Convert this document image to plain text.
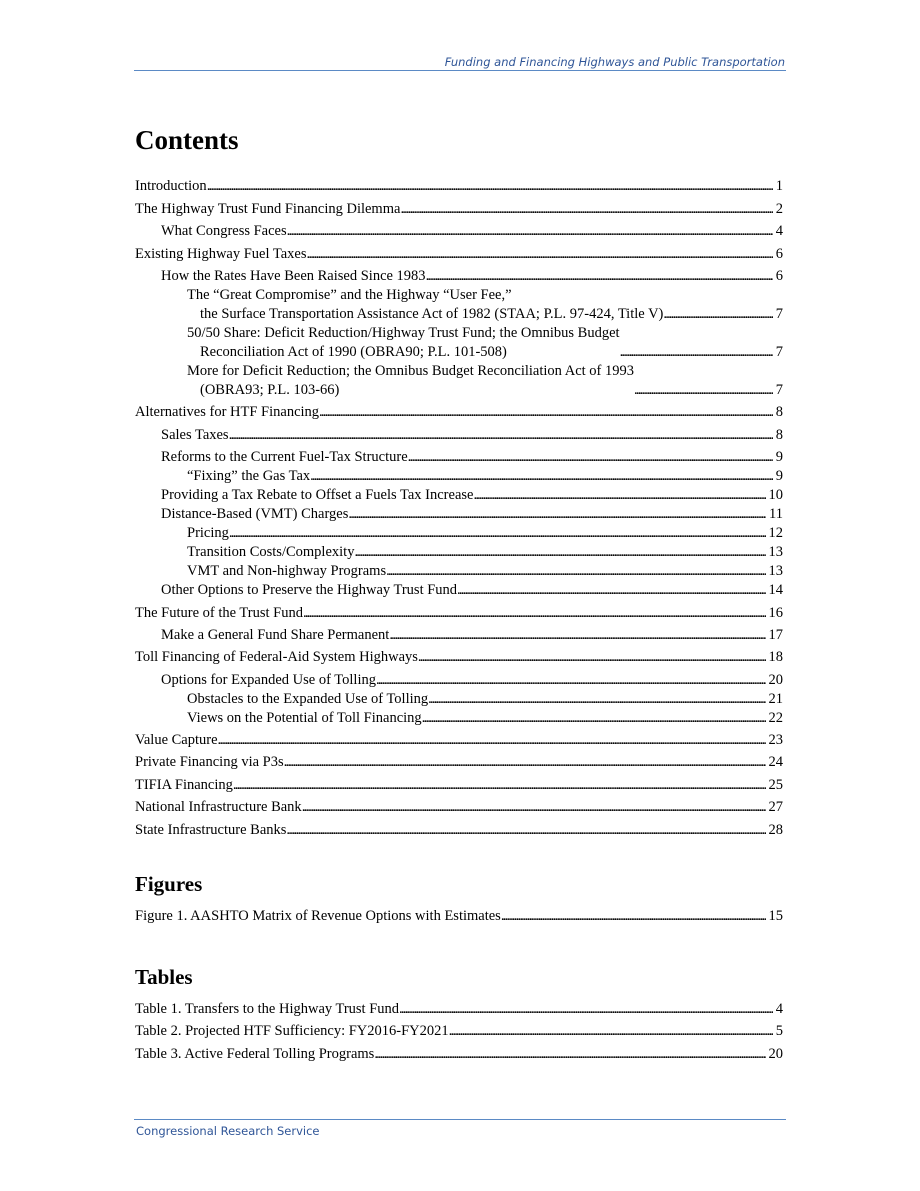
Funding and Financing Highways and Public Transportation
Contents
Introduction . . .	1
The Highway Trust Fund Financing Dilemma . . .	2
What Congress Faces . . .	4
Existing Highway Fuel Taxes . . .	6
How the Rates Have Been Raised Since 1983 . . .	6
The “Great Compromise” and the Highway “User Fee,”
the Surface Transportation Assistance Act of 1982 (STAA; P.L. 97-424, Title V) . . .	7
50/50 Share: Deficit Reduction/Highway Trust Fund; the Omnibus Budget
Reconciliation Act of 1990 (OBRA90; P.L. 101-508) . . .	7
More for Deficit Reduction; the Omnibus Budget Reconciliation Act of 1993
(OBRA93; P.L. 103-66) . . .	7
Alternatives for HTF Financing . . .	8
Sales Taxes . . .	8
Reforms to the Current Fuel-Tax Structure . . .	9
“Fixing” the Gas Tax . . .	9
Providing a Tax Rebate to Offset a Fuels Tax Increase . . .	10
Distance-Based (VMT) Charges . . .	11
Pricing . . .	12
Transition Costs/Complexity . . .	13
VMT and Non-highway Programs . . .	13
Other Options to Preserve the Highway Trust Fund . . .	14
The Future of the Trust Fund . . .	16
Make a General Fund Share Permanent . . .	17
Toll Financing of Federal-Aid System Highways . . .	18
Options for Expanded Use of Tolling . . .	20
Obstacles to the Expanded Use of Tolling . . .	21
Views on the Potential of Toll Financing . . .	22
Value Capture . . .	23
Private Financing via P3s . . .	24
TIFIA Financing . . .	25
National Infrastructure Bank . . .	27
State Infrastructure Banks . . .	28
Figures
Figure 1. AASHTO Matrix of Revenue Options with Estimates . . .	15
Tables
Table 1. Transfers to the Highway Trust Fund . . .	4
Table 2. Projected HTF Sufficiency: FY2016-FY2021 . . .	5
Table 3. Active Federal Tolling Programs . . .	20
Congressional Research Service
